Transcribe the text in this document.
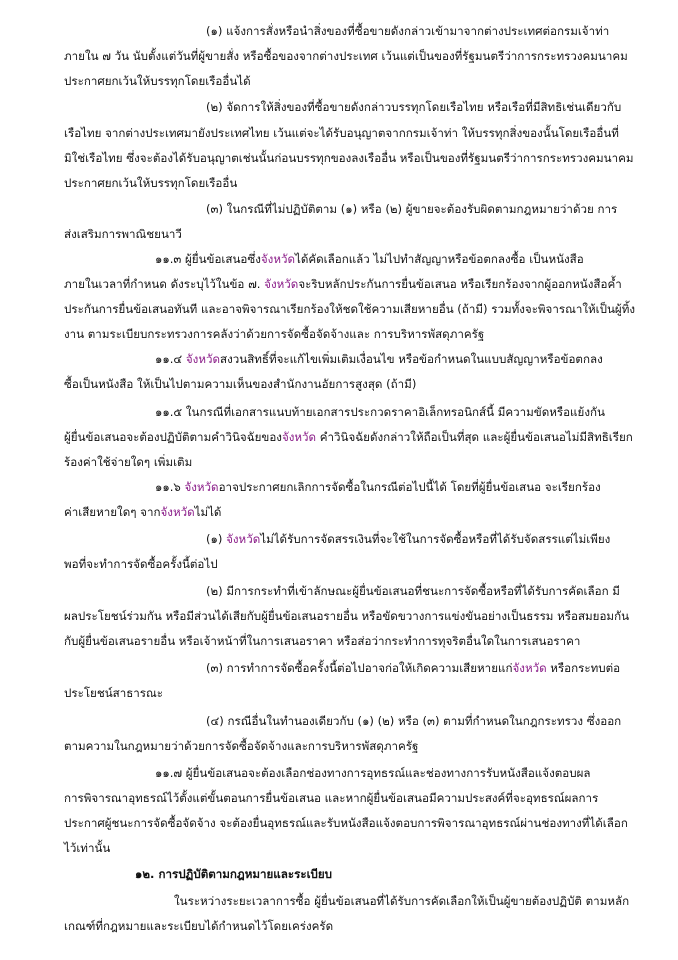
(๑) แจ้งการสั่งหรือนำสิ่งของที่ซื้อขายดังกล่าวเข้ามาจากต่างประเทศต่อกรมเจ้าท่า

ภายใน ๗ วัน นับตั้งแต่วันที่ผู้ขายสั่ง หรือซื้อของจากต่างประเทศ เว้นแต่เป็นของที่รัฐมนตรีว่าการกระทรวงคมนาคม

ประกาศยกเว้นให้บรรทุกโดยเรืออื่นได้

(๒) จัดการให้สิ่งของที่ซื้อขายดังกล่าวบรรทุกโดยเรือไทย หรือเรือที่มีสิทธิเช่นเดียวกับ

เรือไทย จากต่างประเทศมายังประเทศไทย เว้นแต่จะได้รับอนุญาตจากกรมเจ้าท่า ให้บรรทุกสิ่งของนั้นโดยเรืออื่นที่

มิใช่เรือไทย ซึ่งจะต้องได้รับอนุญาตเช่นนั้นก่อนบรรทุกของลงเรืออื่น หรือเป็นของที่รัฐมนตรีว่าการกระทรวงคมนาคม

ประกาศยกเว้นให้บรรทุกโดยเรืออื่น

(๓) ในกรณีที่ไม่ปฏิบัติตาม (๑) หรือ (๒) ผู้ขายจะต้องรับผิดตามกฎหมายว่าด้วย การ

ส่งเสริมการพาณิชยนาวี

๑๑.๓ ผู้ยื่นข้อเสนอซึ่งจังหวัดได้คัดเลือกแล้ว ไม่ไปทำสัญญาหรือข้อตกลงซื้อ เป็นหนังสือ

ภายในเวลาที่กำหนด ดังระบุไว้ในข้อ ๗. จังหวัดจะริบหลักประกันการยื่นข้อเสนอ หรือเรียกร้องจากผู้ออกหนังสือค้ำ

ประกันการยื่นข้อเสนอทันที และอาจพิจารณาเรียกร้องให้ชดใช้ความเสียหายอื่น (ถ้ามี) รวมทั้งจะพิจารณาให้เป็นผู้ทิ้ง

งาน ตามระเบียบกระทรวงการคลังว่าด้วยการจัดซื้อจัดจ้างและ การบริหารพัสดุภาครัฐ

๑๑.๔ จังหวัดสงวนสิทธิ์ที่จะแก้ไขเพิ่มเติมเงื่อนไข หรือข้อกำหนดในแบบสัญญาหรือข้อตกลง

ซื้อเป็นหนังสือ ให้เป็นไปตามความเห็นของสำนักงานอัยการสูงสุด (ถ้ามี)

๑๑.๕ ในกรณีที่เอกสารแนบท้ายเอกสารประกวดราคาอิเล็กทรอนิกส์นี้ มีความขัดหรือแย้งกัน

ผู้ยื่นข้อเสนอจะต้องปฏิบัติตามคำวินิจฉัยของจังหวัด คำวินิจฉัยดังกล่าวให้ถือเป็นที่สุด และผู้ยื่นข้อเสนอไม่มีสิทธิเรียก

ร้องค่าใช้จ่ายใดๆ เพิ่มเติม

๑๑.๖ จังหวัดอาจประกาศยกเลิกการจัดซื้อในกรณีต่อไปนี้ได้ โดยที่ผู้ยื่นข้อเสนอ จะเรียกร้อง

ค่าเสียหายใดๆ จากจังหวัดไม่ได้

(๑) จังหวัดไม่ได้รับการจัดสรรเงินที่จะใช้ในการจัดซื้อหรือที่ได้รับจัดสรรแต่ไม่เพียง

พอที่จะทำการจัดซื้อครั้งนี้ต่อไป

(๒) มีการกระทำที่เข้าลักษณะผู้ยื่นข้อเสนอที่ชนะการจัดซื้อหรือที่ได้รับการคัดเลือก มี

ผลประโยชน์ร่วมกัน หรือมีส่วนได้เสียกับผู้ยื่นข้อเสนอรายอื่น หรือขัดขวางการแข่งขันอย่างเป็นธรรม หรือสมยอมกัน

กับผู้ยื่นข้อเสนอรายอื่น หรือเจ้าหน้าที่ในการเสนอราคา หรือส่อว่ากระทำการทุจริตอื่นใดในการเสนอราคา

(๓) การทำการจัดซื้อครั้งนี้ต่อไปอาจก่อให้เกิดความเสียหายแก่จังหวัด หรือกระทบต่อ

ประโยชน์สาธารณะ

(๔) กรณีอื่นในทำนองเดียวกับ (๑) (๒) หรือ (๓) ตามที่กำหนดในกฎกระทรวง ซึ่งออก

ตามความในกฎหมายว่าด้วยการจัดซื้อจัดจ้างและการบริหารพัสดุภาครัฐ

๑๑.๗ ผู้ยื่นข้อเสนอจะต้องเลือกช่องทางการอุทธรณ์และช่องทางการรับหนังสือแจ้งตอบผล

การพิจารณาอุทธรณ์ไว้ตั้งแต่ขั้นตอนการยื่นข้อเสนอ และหากผู้ยื่นข้อเสนอมีความประสงค์ที่จะอุทธรณ์ผลการ

ประกาศผู้ชนะการจัดซื้อจัดจ้าง จะต้องยื่นอุทธรณ์และรับหนังสือแจ้งตอบการพิจารณาอุทธรณ์ผ่านช่องทางที่ได้เลือก

ไว้เท่านั้น

๑๒. การปฏิบัติตามกฎหมายและระเบียบ

ในระหว่างระยะเวลาการซื้อ ผู้ยื่นข้อเสนอที่ได้รับการคัดเลือกให้เป็นผู้ขายต้องปฏิบัติ ตามหลัก

เกณฑ์ที่กฎหมายและระเบียบได้กำหนดไว้โดยเคร่งครัด
